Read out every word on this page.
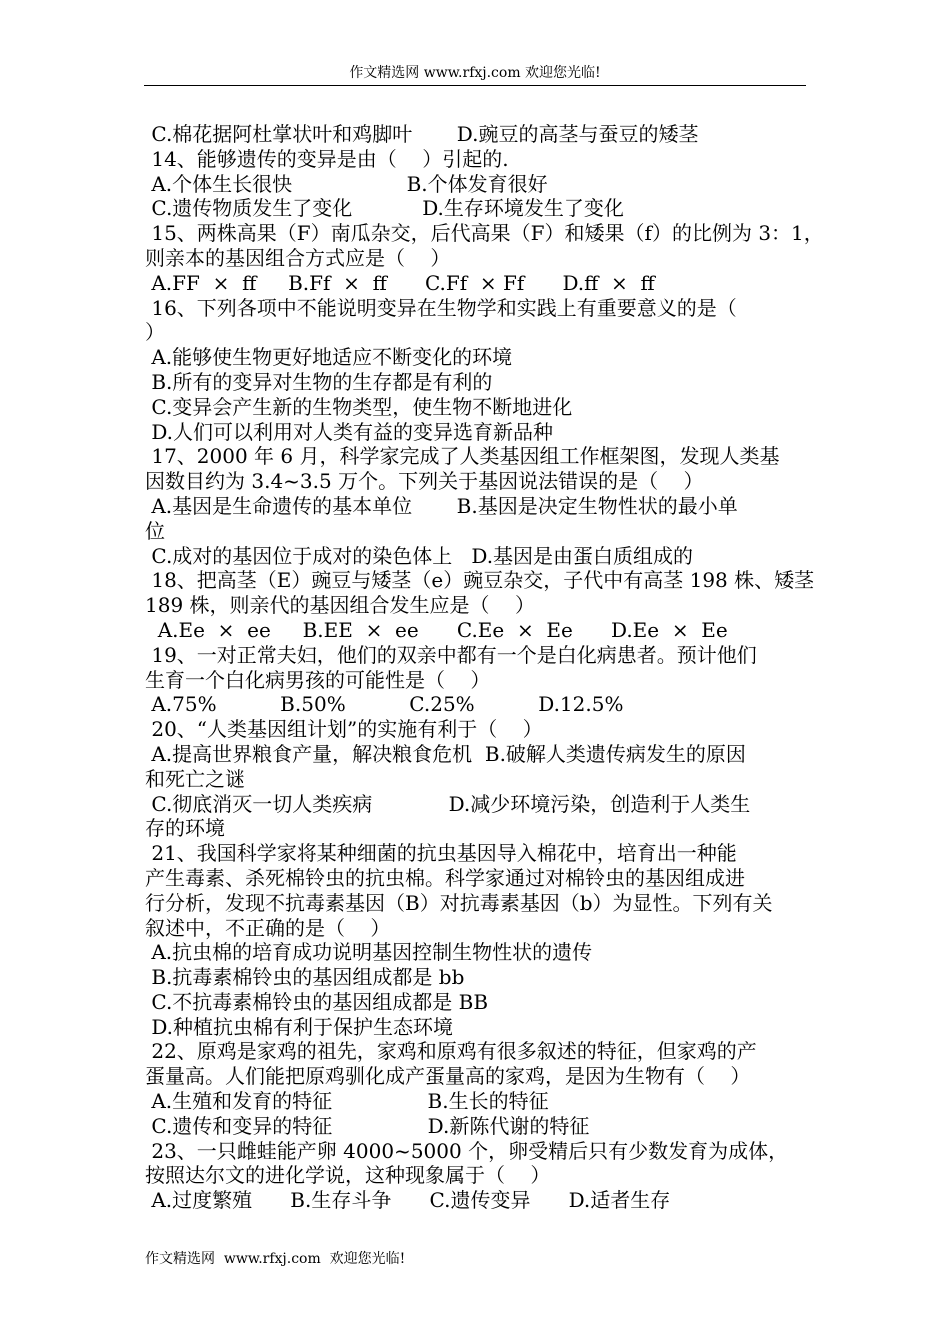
作文精选网 www.rfxj.com 欢迎您光临!
C.棉花据阿杜掌状叶和鸡脚叶       D.豌豆的高茎与蚕豆的矮茎
14、能够遗传的变异是由（    ）引起的.
A.个体生长很快                  B.个体发育很好
C.遗传物质发生了变化           D.生存环境发生了变化
15、两株高果（F）南瓜杂交，后代高果（F）和矮果（f）的比例为 3：1，
则亲本的基因组合方式应是（    ）
A.FF  ×  ff     B.Ff  ×  ff      C.Ff  × Ff      D.ff  ×  ff
16、下列各项中不能说明变异在生物学和实践上有重要意义的是（
）
A.能够使生物更好地适应不断变化的环境
B.所有的变异对生物的生存都是有利的
C.变异会产生新的生物类型，使生物不断地进化
D.人们可以利用对人类有益的变异选育新品种
17、2000 年 6 月，科学家完成了人类基因组工作框架图，发现人类基
因数目约为 3.4~3.5 万个。下列关于基因说法错误的是（    ）
A.基因是生命遗传的基本单位       B.基因是决定生物性状的最小单
位
C.成对的基因位于成对的染色体上   D.基因是由蛋白质组成的
18、把高茎（E）豌豆与矮茎（e）豌豆杂交，子代中有高茎 198 株、矮茎
189 株，则亲代的基因组合发生应是（    ）
A.Ee  ×  ee     B.EE  ×  ee      C.Ee  ×  Ee      D.Ee  ×  Ee
19、一对正常夫妇，他们的双亲中都有一个是白化病患者。预计他们
生育一个白化病男孩的可能性是（    ）
A.75%          B.50%          C.25%          D.12.5%
20、“人类基因组计划”的实施有利于（    ）
A.提高世界粮食产量，解决粮食危机  B.破解人类遗传病发生的原因
和死亡之谜
C.彻底消灭一切人类疾病            D.减少环境污染，创造利于人类生
存的环境
21、我国科学家将某种细菌的抗虫基因导入棉花中，培育出一种能
产生毒素、杀死棉铃虫的抗虫棉。科学家通过对棉铃虫的基因组成进
行分析，发现不抗毒素基因（B）对抗毒素基因（b）为显性。下列有关
叙述中，不正确的是（    ）
A.抗虫棉的培育成功说明基因控制生物性状的遗传
B.抗毒素棉铃虫的基因组成都是 bb
C.不抗毒素棉铃虫的基因组成都是 BB
D.种植抗虫棉有利于保护生态环境
22、原鸡是家鸡的祖先，家鸡和原鸡有很多叙述的特征，但家鸡的产
蛋量高。人们能把原鸡驯化成产蛋量高的家鸡，是因为生物有（    ）
A.生殖和发育的特征               B.生长的特征
C.遗传和变异的特征               D.新陈代谢的特征
23、一只雌蛙能产卵 4000~5000 个，卵受精后只有少数发育为成体，
按照达尔文的进化学说，这种现象属于（    ）
A.过度繁殖      B.生存斗争      C.遗传变异      D.适者生存
作文精选网  www.rfxj.com  欢迎您光临!
